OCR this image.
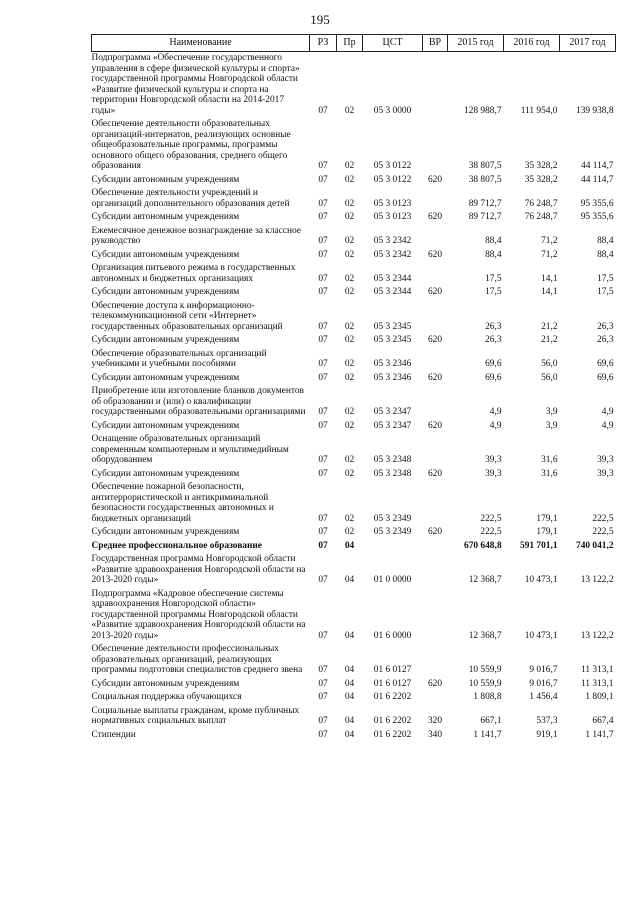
195
Наименование	РЗ	Пр	ЦСТ	ВР	2015 год	2016 год	2017 год
Подпрограмма «Обеспечение государственного управления в сфере физической культуры и спорта» государственной программы Новгородской области «Развитие физической культуры и спорта на территории Новгородской области на 2014-2017 годы»	07	02	05 3 0000		128 988,7	111 954,0	139 938,8
Обеспечение деятельности образовательных организаций-интернатов, реализующих основные общеобразовательные программы, программы основного общего образования, среднего общего образования	07	02	05 3 0122		38 807,5	35 328,2	44 114,7
Субсидии автономным учреждениям	07	02	05 3 0122	620	38 807,5	35 328,2	44 114,7
Обеспечение деятельности учреждений и организаций дополнительного образования детей	07	02	05 3 0123		89 712,7	76 248,7	95 355,6
Субсидии автономным учреждениям	07	02	05 3 0123	620	89 712,7	76 248,7	95 355,6
Ежемесячное денежное вознаграждение за классное руководство	07	02	05 3 2342		88,4	71,2	88,4
Субсидии автономным учреждениям	07	02	05 3 2342	620	88,4	71,2	88,4
Организация питьевого режима в государственных автономных и бюджетных организациях	07	02	05 3 2344		17,5	14,1	17,5
Субсидии автономным учреждениям	07	02	05 3 2344	620	17,5	14,1	17,5
Обеспечение доступа к информационно-телекоммуникационной сети «Интернет» государственных образовательных организаций	07	02	05 3 2345		26,3	21,2	26,3
Субсидии автономным учреждениям	07	02	05 3 2345	620	26,3	21,2	26,3
Обеспечение образовательных организаций учебниками и учебными пособиями	07	02	05 3 2346		69,6	56,0	69,6
Субсидии автономным учреждениям	07	02	05 3 2346	620	69,6	56,0	69,6
Приобретение или изготовление бланков документов об образовании и (или) о квалификации государственными образовательными организациями	07	02	05 3 2347		4,9	3,9	4,9
Субсидии автономным учреждениям	07	02	05 3 2347	620	4,9	3,9	4,9
Оснащение образовательных организаций современным компьютерным и мультимедийным оборудованием	07	02	05 3 2348		39,3	31,6	39,3
Субсидии автономным учреждениям	07	02	05 3 2348	620	39,3	31,6	39,3
Обеспечение пожарной безопасности, антитеррористической и антикриминальной безопасности государственных автономных и бюджетных организаций	07	02	05 3 2349		222,5	179,1	222,5
Субсидии автономным учреждениям	07	02	05 3 2349	620	222,5	179,1	222,5
Среднее профессиональное образование	07	04			670 648,8	591 701,1	740 041,2
Государственная программа Новгородской области «Развитие здравоохранения Новгородской области на 2013-2020 годы»	07	04	01 0 0000		12 368,7	10 473,1	13 122,2
Подпрограмма «Кадровое обеспечение системы здравоохранения Новгородской области» государственной программы Новгородской области «Развитие здравоохранения Новгородской области на 2013-2020 годы»	07	04	01 6 0000		12 368,7	10 473,1	13 122,2
Обеспечение деятельности профессиональных образовательных организаций, реализующих программы подготовки специалистов среднего звена	07	04	01 6 0127		10 559,9	9 016,7	11 313,1
Субсидии автономным учреждениям	07	04	01 6 0127	620	10 559,9	9 016,7	11 313,1
Социальная поддержка обучающихся	07	04	01 6 2202		1 808,8	1 456,4	1 809,1
Социальные выплаты гражданам, кроме публичных нормативных социальных выплат	07	04	01 6 2202	320	667,1	537,3	667,4
Стипендии	07	04	01 6 2202	340	1 141,7	919,1	1 141,7
